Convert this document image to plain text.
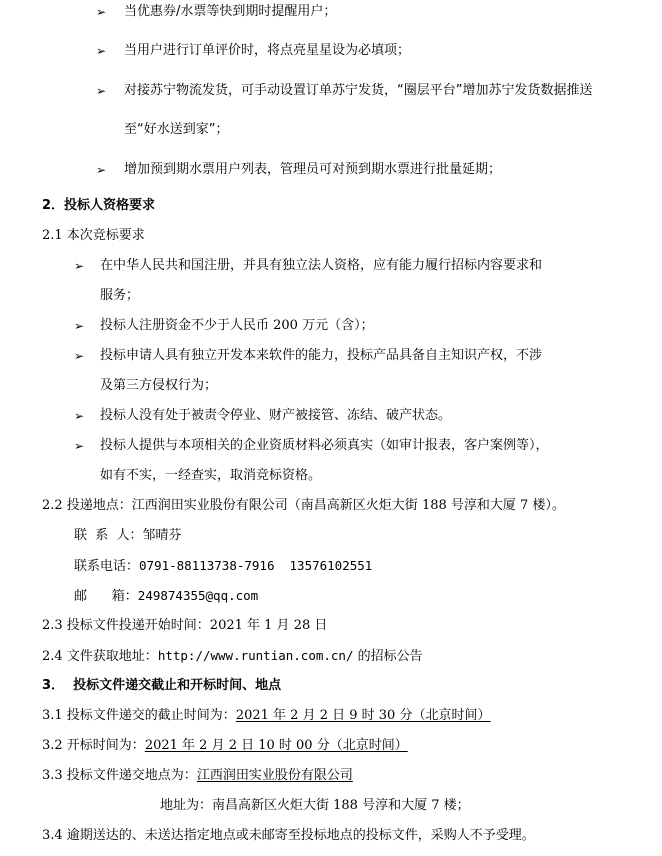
➢ 当优惠券/水票等快到期时提醒用户；
➢ 当用户进行订单评价时，将点亮星星设为必填项；
➢ 对接苏宁物流发货，可手动设置订单苏宁发货，“圈层平台”增加苏宁发货数据推送
至“好水送到家”；
➢ 增加预到期水票用户列表，管理员可对预到期水票进行批量延期；
2．投标人资格要求
2.1 本次竞标要求
➢ 在中华人民共和国注册，并具有独立法人资格，应有能力履行招标内容要求和
服务；
➢ 投标人注册资金不少于人民币 200 万元（含）；
➢ 投标申请人具有独立开发本来软件的能力，投标产品具备自主知识产权，不涉
及第三方侵权行为；
➢ 投标人没有处于被责令停业、财产被接管、冻结、破产状态。
➢ 投标人提供与本项相关的企业资质材料必须真实（如审计报表，客户案例等），
如有不实，一经查实，取消竞标资格。
2.2 投递地点：江西润田实业股份有限公司（南昌高新区火炬大街 188 号淳和大厦 7 楼）。
联  系  人：邹晴芬
联系电话：0791-88113738-7916  13576102551
邮      箱：249874355@qq.com
2.3 投标文件投递开始时间：2021 年 1 月 28 日
2.4 文件获取地址：http://www.runtian.com.cn/ 的招标公告
3．  投标文件递交截止和开标时间、地点
3.1 投标文件递交的截止时间为：2021 年 2 月 2 日 9 时 30 分（北京时间）
3.2 开标时间为：2021 年 2 月 2 日 10 时 00 分（北京时间）
3.3 投标文件递交地点为：江西润田实业股份有限公司
地址为：南昌高新区火炬大街 188 号淳和大厦 7 楼；
3.4 逾期送达的、未送达指定地点或未邮寄至投标地点的投标文件，采购人不予受理。
